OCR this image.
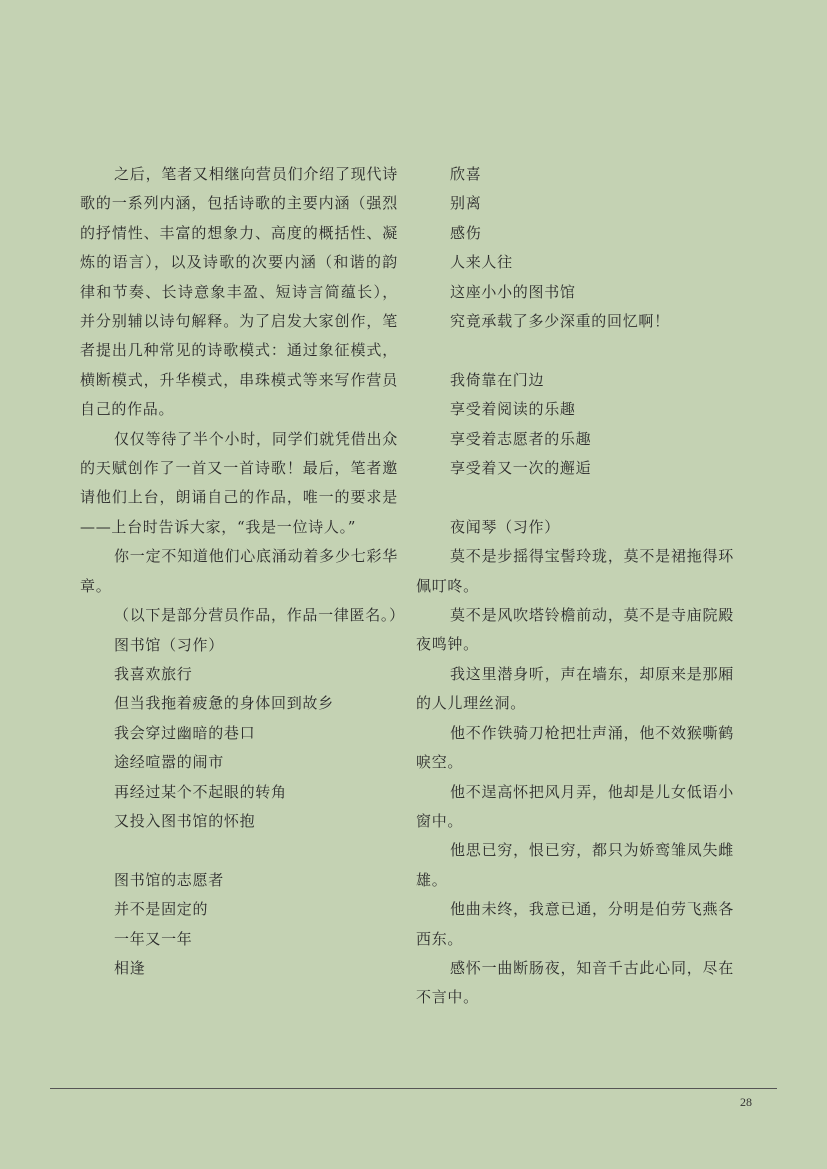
之后，笔者又相继向营员们介绍了现代诗歌的一系列内涵，包括诗歌的主要内涵（强烈的抒情性、丰富的想象力、高度的概括性、凝炼的语言），以及诗歌的次要内涵（和谐的韵律和节奏、长诗意象丰盈、短诗言简蕴长），并分别辅以诗句解释。为了启发大家创作，笔者提出几种常见的诗歌模式：通过象征模式，横断模式，升华模式，串珠模式等来写作营员自己的作品。

仅仅等待了半个小时，同学们就凭借出众的天赋创作了一首又一首诗歌！最后，笔者邀请他们上台，朗诵自己的作品，唯一的要求是——上台时告诉大家，“我是一位诗人。”

你一定不知道他们心底涌动着多少七彩华章。

（以下是部分营员作品，作品一律匿名。）

图书馆（习作）

我喜欢旅行

但当我拖着疲惫的身体回到故乡

我会穿过幽暗的巷口

途经喧嚣的闹市

再经过某个不起眼的转角

又投入图书馆的怀抱

图书馆的志愿者

并不是固定的

一年又一年

相逢

欣喜

别离

感伤

人来人往

这座小小的图书馆

究竟承载了多少深重的回忆啊！

我倚靠在门边

享受着阅读的乐趣

享受着志愿者的乐趣

享受着又一次的邂逅

夜闻琴（习作）

莫不是步摇得宝髻玲珑，莫不是裙拖得环佩叮咚。

莫不是风吹塔铃檐前动，莫不是寺庙院殿夜鸣钟。

我这里潜身听，声在墙东，却原来是那厢的人儿理丝洞。

他不作铁骑刀枪把壮声涌，他不效猴嘶鹤唳空。

他不逞高怀把风月弄，他却是儿女低语小窗中。

他思已穷，恨已穷，都只为娇鸾雏凤失雌雄。

他曲未终，我意已通，分明是伯劳飞燕各西东。

感怀一曲断肠夜，知音千古此心同，尽在不言中。

28
